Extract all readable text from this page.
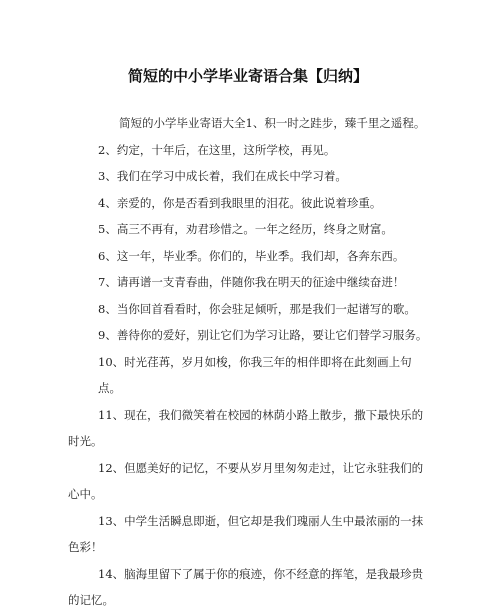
简短的中小学毕业寄语合集【归纳】

简短的小学毕业寄语大全1、积一时之跬步，臻千里之遥程。

2、约定，十年后，在这里，这所学校，再见。

3、我们在学习中成长着，我们在成长中学习着。

4、亲爱的，你是否看到我眼里的泪花。彼此说着珍重。

5、高三不再有，劝君珍惜之。一年之经历，终身之财富。

6、这一年，毕业季。你们的，毕业季。我们却，各奔东西。

7、请再谱一支青春曲，伴随你我在明天的征途中继续奋进！

8、当你回首看看时，你会驻足倾听，那是我们一起谱写的歌。

9、善待你的爱好，别让它们为学习让路，要让它们替学习服务。

10、时光荏苒，岁月如梭，你我三年的相伴即将在此刻画上句点。

11、现在，我们微笑着在校园的林荫小路上散步，撒下最快乐的时光。

12、但愿美好的记忆，不要从岁月里匆匆走过，让它永驻我们的心中。

13、中学生活瞬息即逝，但它却是我们瑰丽人生中最浓丽的一抹色彩！

14、脑海里留下了属于你的痕迹，你不经意的挥笔，是我最珍贵的记忆。
